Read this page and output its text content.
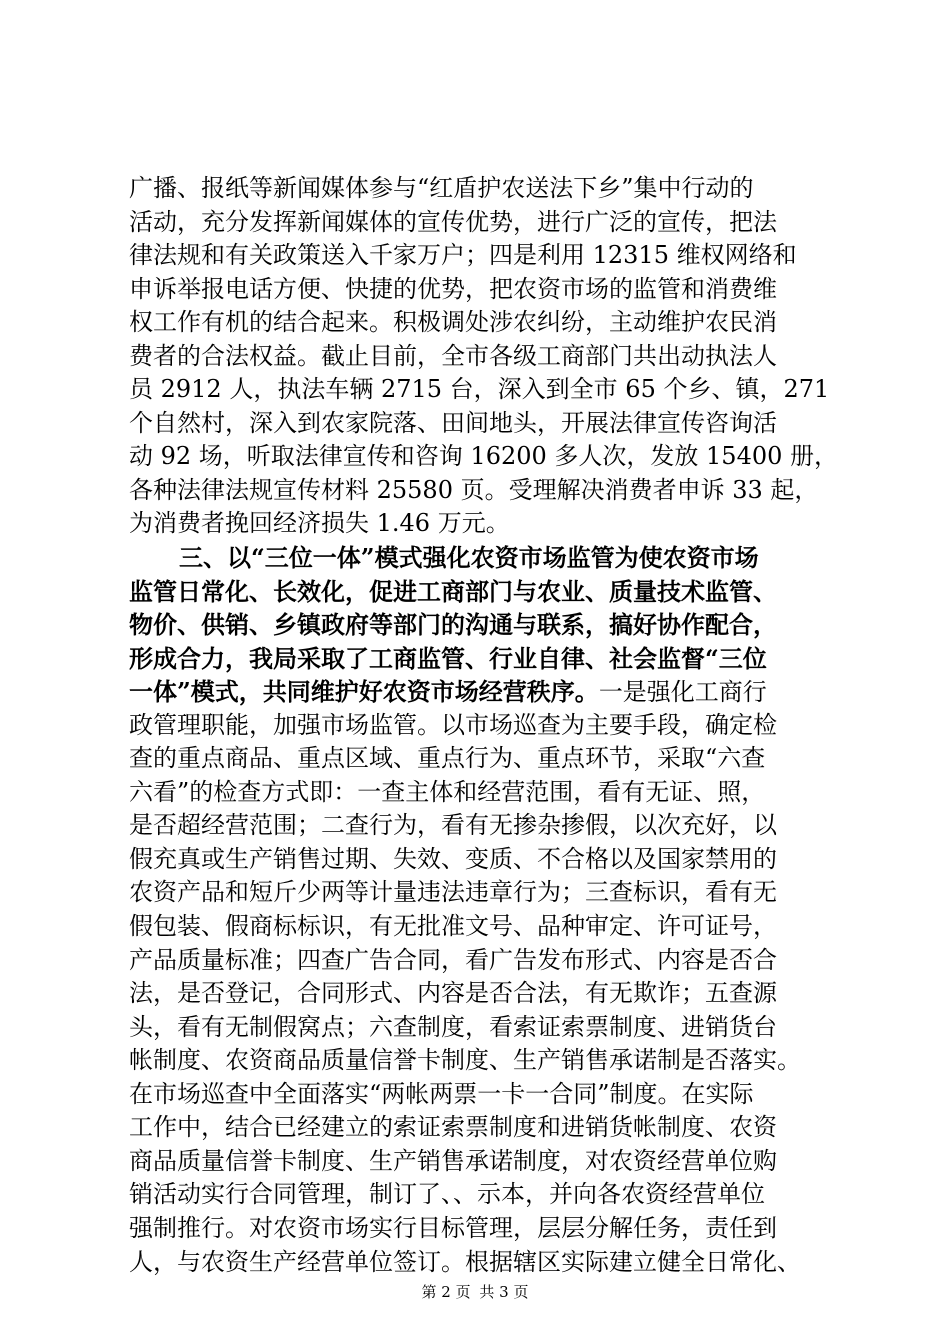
广播、报纸等新闻媒体参与“红盾护农送法下乡”集中行动的
活动，充分发挥新闻媒体的宣传优势，进行广泛的宣传，把法
律法规和有关政策送入千家万户；四是利用 12315 维权网络和
申诉举报电话方便、快捷的优势，把农资市场的监管和消费维
权工作有机的结合起来。积极调处涉农纠纷，主动维护农民消
费者的合法权益。截止目前，全市各级工商部门共出动执法人
员 2912 人，执法车辆 2715 台，深入到全市 65 个乡、镇，271
个自然村，深入到农家院落、田间地头，开展法律宣传咨询活
动 92 场，听取法律宣传和咨询 16200 多人次，发放 15400 册，
各种法律法规宣传材料 25580 页。受理解决消费者申诉 33 起，
为消费者挽回经济损失 1.46 万元。
三、以“三位一体”模式强化农资市场监管为使农资市场
监管日常化、长效化，促进工商部门与农业、质量技术监管、
物价、供销、乡镇政府等部门的沟通与联系，搞好协作配合，
形成合力，我局采取了工商监管、行业自律、社会监督“三位
一体”模式，共同维护好农资市场经营秩序。一是强化工商行
政管理职能，加强市场监管。以市场巡查为主要手段，确定检
查的重点商品、重点区域、重点行为、重点环节，采取“六查
六看”的检查方式即：一查主体和经营范围，看有无证、照，
是否超经营范围；二查行为，看有无掺杂掺假，以次充好，以
假充真或生产销售过期、失效、变质、不合格以及国家禁用的
农资产品和短斤少两等计量违法违章行为；三查标识，看有无
假包装、假商标标识，有无批准文号、品种审定、许可证号，
产品质量标准；四查广告合同，看广告发布形式、内容是否合
法，是否登记，合同形式、内容是否合法，有无欺诈；五查源
头，看有无制假窝点；六查制度，看索证索票制度、进销货台
帐制度、农资商品质量信誉卡制度、生产销售承诺制是否落实。
在市场巡查中全面落实“两帐两票一卡一合同”制度。在实际
工作中，结合已经建立的索证索票制度和进销货帐制度、农资
商品质量信誉卡制度、生产销售承诺制度，对农资经营单位购
销活动实行合同管理，制订了、、示本，并向各农资经营单位
强制推行。对农资市场实行目标管理，层层分解任务，责任到
人，与农资生产经营单位签订。根据辖区实际建立健全日常化、
第 2 页 共 3 页
